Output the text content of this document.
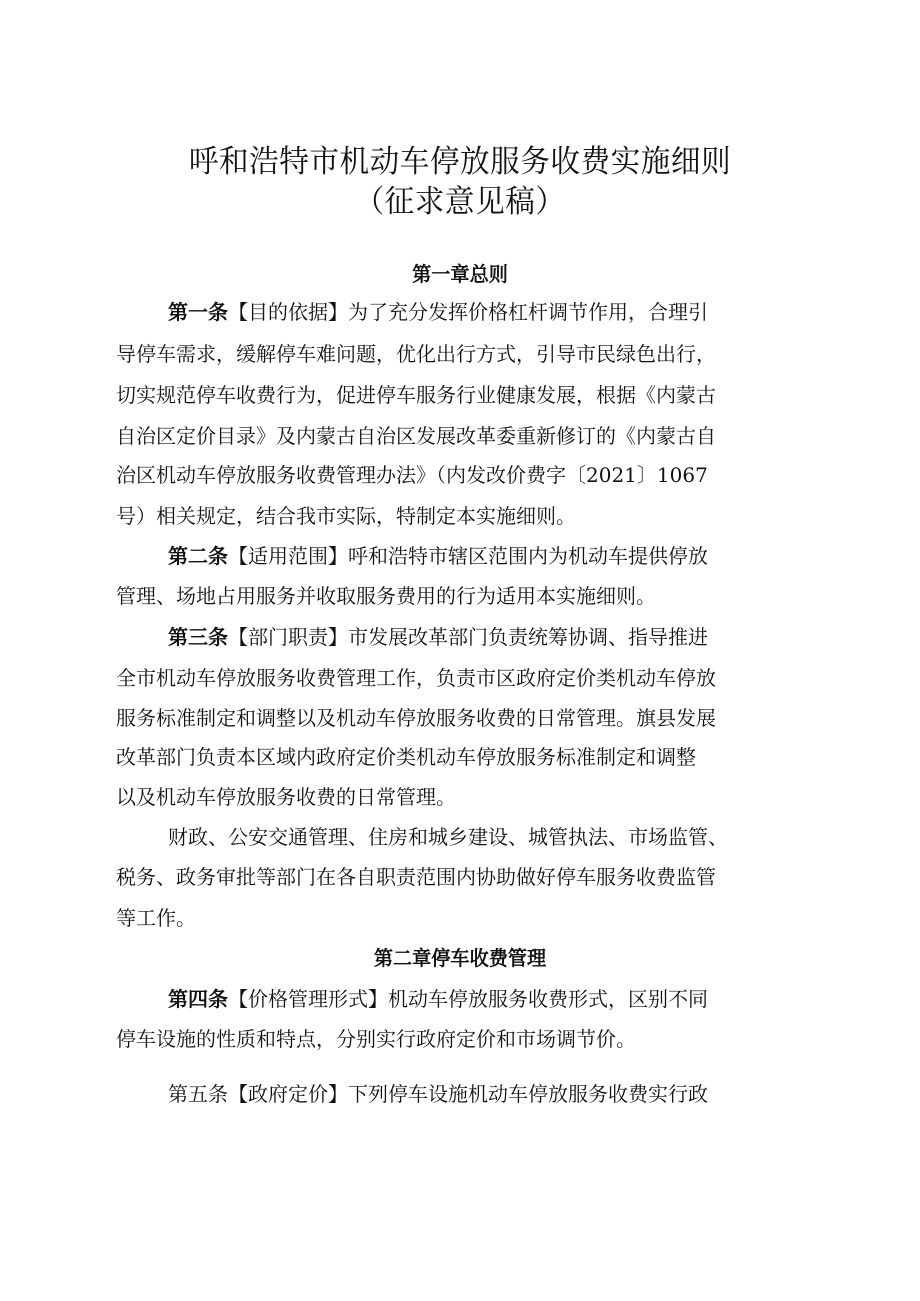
呼和浩特市机动车停放服务收费实施细则
（征求意见稿）
第一章总则
第一条【目的依据】为了充分发挥价格杠杆调节作用，合理引
导停车需求，缓解停车难问题，优化出行方式，引导市民绿色出行，
切实规范停车收费行为，促进停车服务行业健康发展，根据《内蒙古
自治区定价目录》及内蒙古自治区发展改革委重新修订的《内蒙古自
治区机动车停放服务收费管理办法》（内发改价费字〔2021〕1067
号）相关规定，结合我市实际，特制定本实施细则。
第二条【适用范围】呼和浩特市辖区范围内为机动车提供停放
管理、场地占用服务并收取服务费用的行为适用本实施细则。
第三条【部门职责】市发展改革部门负责统筹协调、指导推进
全市机动车停放服务收费管理工作，负责市区政府定价类机动车停放
服务标准制定和调整以及机动车停放服务收费的日常管理。旗县发展
改革部门负责本区域内政府定价类机动车停放服务标准制定和调整
以及机动车停放服务收费的日常管理。
财政、公安交通管理、住房和城乡建设、城管执法、市场监管、
税务、政务审批等部门在各自职责范围内协助做好停车服务收费监管
等工作。
第二章停车收费管理
第四条【价格管理形式】机动车停放服务收费形式，区别不同
停车设施的性质和特点，分别实行政府定价和市场调节价。
第五条【政府定价】下列停车设施机动车停放服务收费实行政
